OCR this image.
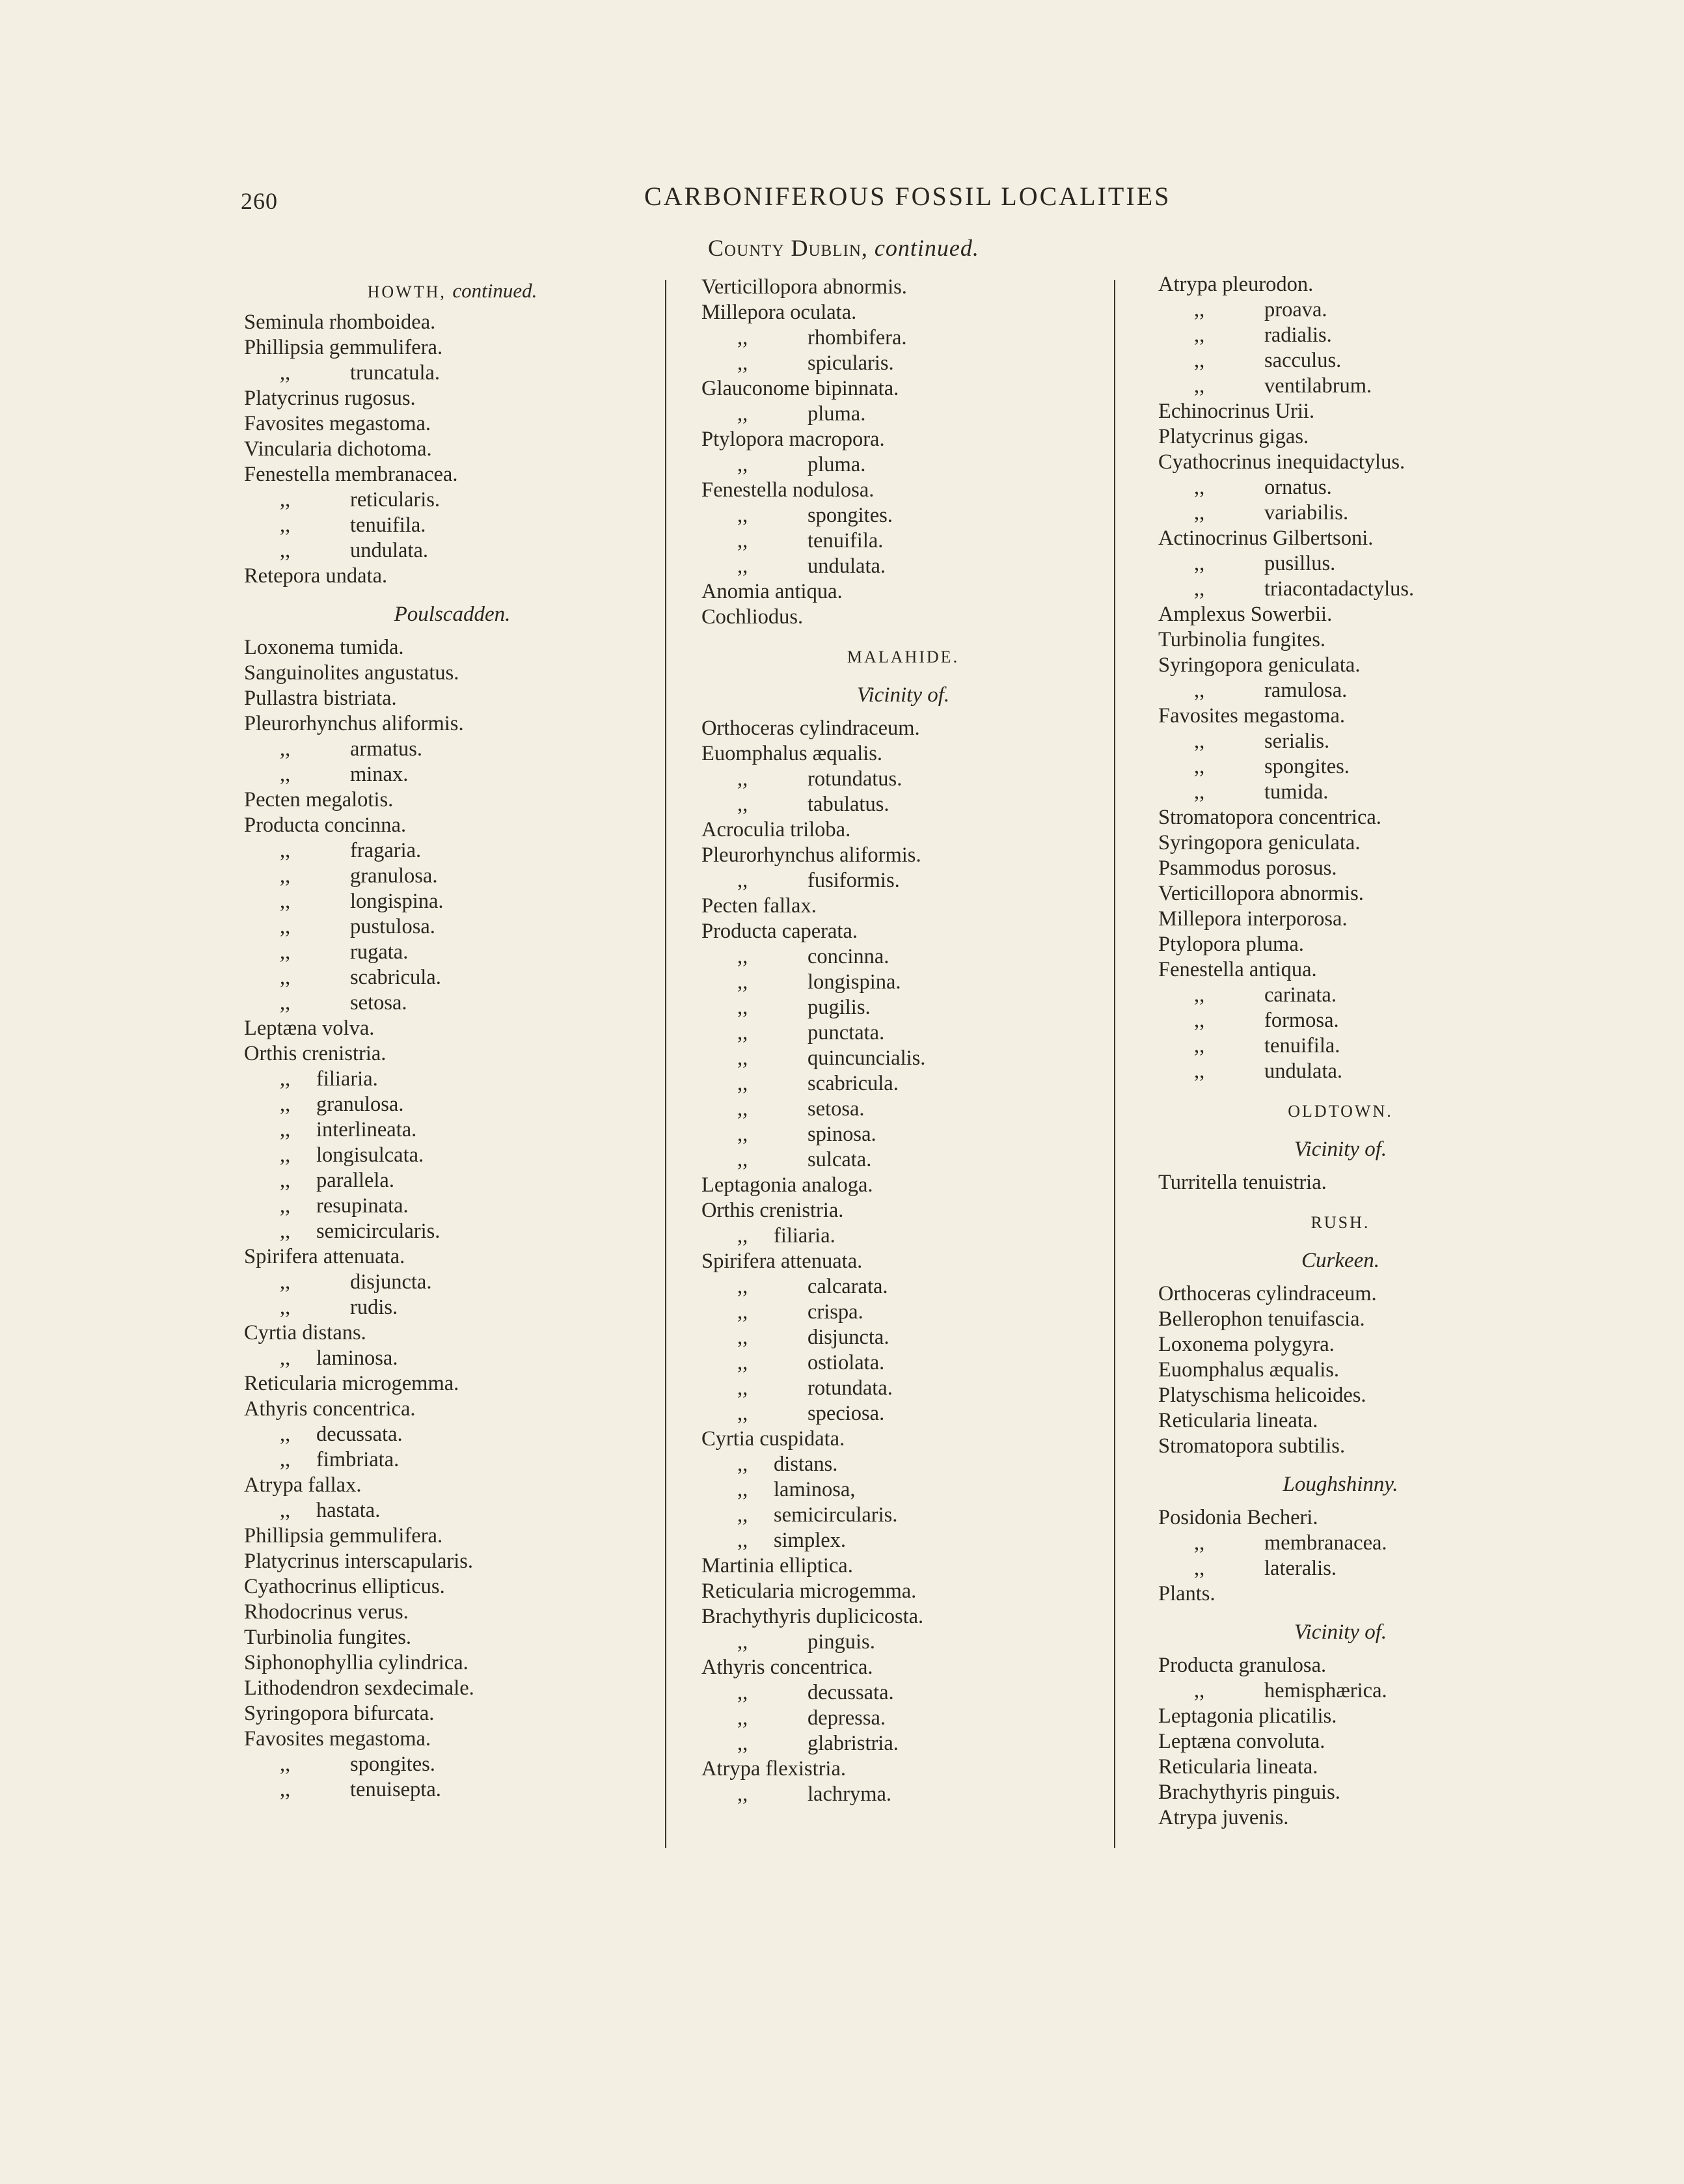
260	CARBONIFEROUS FOSSIL LOCALITIES
County Dublin, continued.
HOWTH, continued.
Seminula rhomboidea.
Phillipsia gemmulifera.
,,	truncatula.
Platycrinus rugosus.
Favosites megastoma.
Vincularia dichotoma.
Fenestella membranacea.
,,	reticularis.
,,	tenuifila.
,,	undulata.
Retepora undata.
Poulscadden.
Loxonema tumida.
Sanguinolites angustatus.
Pullastra bistriata.
Pleurorhynchus aliformis.
,,	armatus.
,,	minax.
Pecten megalotis.
Producta concinna.
,,	fragaria.
,,	granulosa.
,,	longispina.
,,	pustulosa.
,,	rugata.
,,	scabricula.
,,	setosa.
Leptæna volva.
Orthis crenistria.
,, filiaria.
,, granulosa.
,, interlineata.
,, longisulcata.
,, parallela.
,, resupinata.
,, semicircularis.
Spirifera attenuata.
,,	disjuncta.
,,	rudis.
Cyrtia distans.
,, laminosa.
Reticularia microgemma.
Athyris concentrica.
,, decussata.
,, fimbriata.
Atrypa fallax.
,, hastata.
Phillipsia gemmulifera.
Platycrinus interscapularis.
Cyathocrinus ellipticus.
Rhodocrinus verus.
Turbinolia fungites.
Siphonophyllia cylindrica.
Lithodendron sexdecimale.
Syringopora bifurcata.
Favosites megastoma.
,,	spongites.
,,	tenuisepta.
Verticillopora abnormis.
Millepora oculata.
,,	rhombifera.
,,	spicularis.
Glauconome bipinnata.
,,	pluma.
Ptylopora macropora.
,,	pluma.
Fenestella nodulosa.
,,	spongites.
,,	tenuifila.
,,	undulata.
Anomia antiqua.
Cochliodus.
MALAHIDE.
Vicinity of.
Orthoceras cylindraceum.
Euomphalus æqualis.
,,	rotundatus.
,,	tabulatus.
Acroculia triloba.
Pleurorhynchus aliformis.
,,	fusiformis.
Pecten fallax.
Producta caperata.
,,	concinna.
,,	longispina.
,,	pugilis.
,,	punctata.
,,	quincuncialis.
,,	scabricula.
,,	setosa.
,,	spinosa.
,,	sulcata.
Leptagonia analoga.
Orthis crenistria.
,, filiaria.
Spirifera attenuata.
,,	calcarata.
,,	crispa.
,,	disjuncta.
,,	ostiolata.
,,	rotundata.
,,	speciosa.
Cyrtia cuspidata.
,, distans.
,, laminosa,
,, semicircularis.
,, simplex.
Martinia elliptica.
Reticularia microgemma.
Brachythyris duplicicosta.
,,	pinguis.
Athyris concentrica.
,,	decussata.
,,	depressa.
,,	glabristria.
Atrypa flexistria.
,,	lachryma.
Atrypa pleurodon.
,,	proava.
,,	radialis.
,,	sacculus.
,,	ventilabrum.
Echinocrinus Urii.
Platycrinus gigas.
Cyathocrinus inequidactylus.
,,	ornatus.
,,	variabilis.
Actinocrinus Gilbertsoni.
,,	pusillus.
,,	triacontadactylus.
Amplexus Sowerbii.
Turbinolia fungites.
Syringopora geniculata.
,,	ramulosa.
Favosites megastoma.
,,	serialis.
,,	spongites.
,,	tumida.
Stromatopora concentrica.
Syringopora geniculata.
Psammodus porosus.
Verticillopora abnormis.
Millepora interporosa.
Ptylopora pluma.
Fenestella antiqua.
,,	carinata.
,,	formosa.
,,	tenuifila.
,,	undulata.
OLDTOWN.
Vicinity of.
Turritella tenuistria.
RUSH.
Curkeen.
Orthoceras cylindraceum.
Bellerophon tenuifascia.
Loxonema polygyra.
Euomphalus æqualis.
Platyschisma helicoides.
Reticularia lineata.
Stromatopora subtilis.
Loughshinny.
Posidonia Becheri.
,,	membranacea.
,,	lateralis.
Plants.
Vicinity of.
Producta granulosa.
,,	hemisphærica.
Leptagonia plicatilis.
Leptæna convoluta.
Reticularia lineata.
Brachythyris pinguis.
Atrypa juvenis.
